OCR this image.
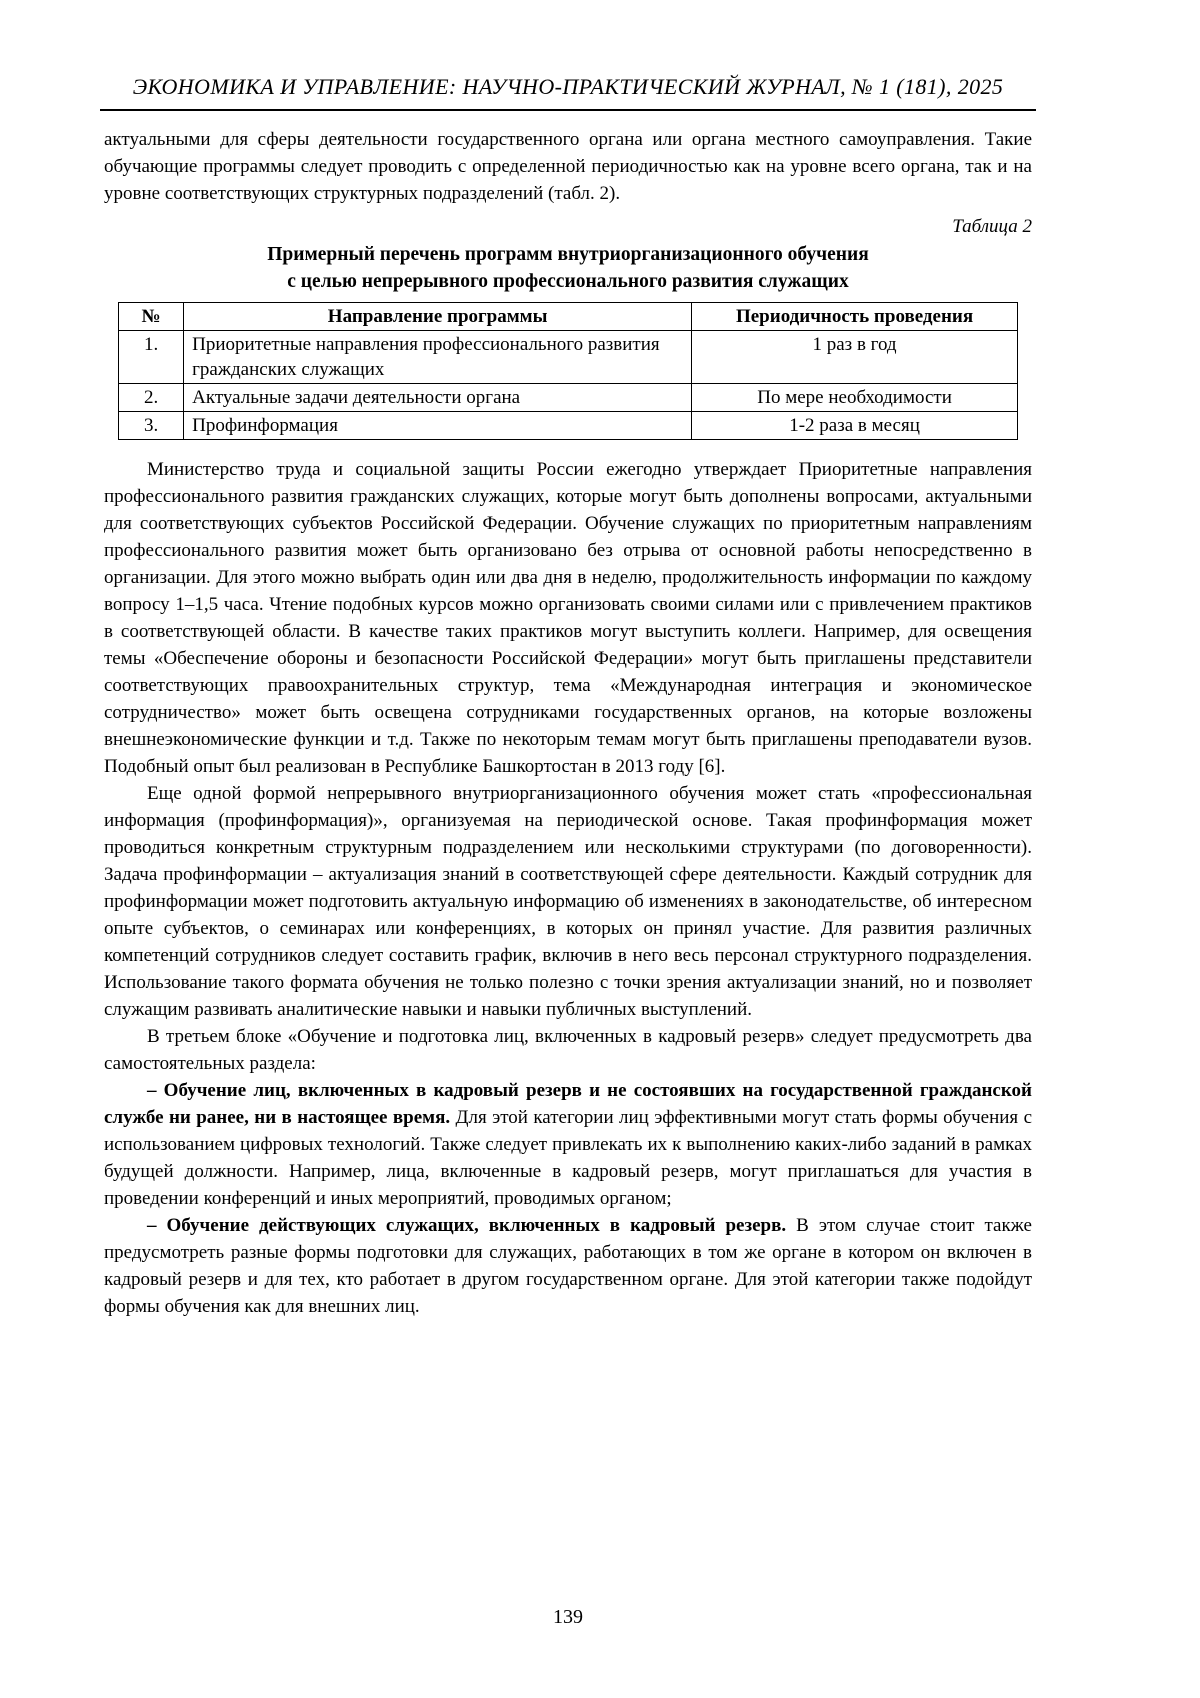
ЭКОНОМИКА И УПРАВЛЕНИЕ: НАУЧНО-ПРАКТИЧЕСКИЙ ЖУРНАЛ, № 1 (181), 2025

актуальными для сферы деятельности государственного органа или органа местного самоуправления. Такие обучающие программы следует проводить с определенной периодичностью как на уровне всего органа, так и на уровне соответствующих структурных подразделений (табл. 2).

Таблица 2
Примерный перечень программ внутриорганизационного обучения
с целью непрерывного профессионального развития служащих
№	Направление программы	Периодичность проведения
1.	Приоритетные направления профессионального развития гражданских служащих	1 раз в год
2.	Актуальные задачи деятельности органа	По мере необходимости
3.	Профинформация	1-2 раза в месяц

Министерство труда и социальной защиты России ежегодно утверждает Приоритетные направления профессионального развития гражданских служащих, которые могут быть дополнены вопросами, актуальными для соответствующих субъектов Российской Федерации. Обучение служащих по приоритетным направлениям профессионального развития может быть организовано без отрыва от основной работы непосредственно в организации. Для этого можно выбрать один или два дня в неделю, продолжительность информации по каждому вопросу 1–1,5 часа. Чтение подобных курсов можно организовать своими силами или с привлечением практиков в соответствующей области. В качестве таких практиков могут выступить коллеги. Например, для освещения темы «Обеспечение обороны и безопасности Российской Федерации» могут быть приглашены представители соответствующих правоохранительных структур, тема «Международная интеграция и экономическое сотрудничество» может быть освещена сотрудниками государственных органов, на которые возложены внешнеэкономические функции и т.д. Также по некоторым темам могут быть приглашены преподаватели вузов. Подобный опыт был реализован в Республике Башкортостан в 2013 году [6].

Еще одной формой непрерывного внутриорганизационного обучения может стать «профессиональная информация (профинформация)», организуемая на периодической основе. Такая профинформация может проводиться конкретным структурным подразделением или несколькими структурами (по договоренности). Задача профинформации – актуализация знаний в соответствующей сфере деятельности. Каждый сотрудник для профинформации может подготовить актуальную информацию об изменениях в законодательстве, об интересном опыте субъектов, о семинарах или конференциях, в которых он принял участие. Для развития различных компетенций сотрудников следует составить график, включив в него весь персонал структурного подразделения. Использование такого формата обучения не только полезно с точки зрения актуализации знаний, но и позволяет служащим развивать аналитические навыки и навыки публичных выступлений.

В третьем блоке «Обучение и подготовка лиц, включенных в кадровый резерв» следует предусмотреть два самостоятельных раздела:

– Обучение лиц, включенных в кадровый резерв и не состоявших на государственной гражданской службе ни ранее, ни в настоящее время. Для этой категории лиц эффективными могут стать формы обучения с использованием цифровых технологий. Также следует привлекать их к выполнению каких-либо заданий в рамках будущей должности. Например, лица, включенные в кадровый резерв, могут приглашаться для участия в проведении конференций и иных мероприятий, проводимых органом;

– Обучение действующих служащих, включенных в кадровый резерв. В этом случае стоит также предусмотреть разные формы подготовки для служащих, работающих в том же органе в котором он включен в кадровый резерв и для тех, кто работает в другом государственном органе. Для этой категории также подойдут формы обучения как для внешних лиц.

139
